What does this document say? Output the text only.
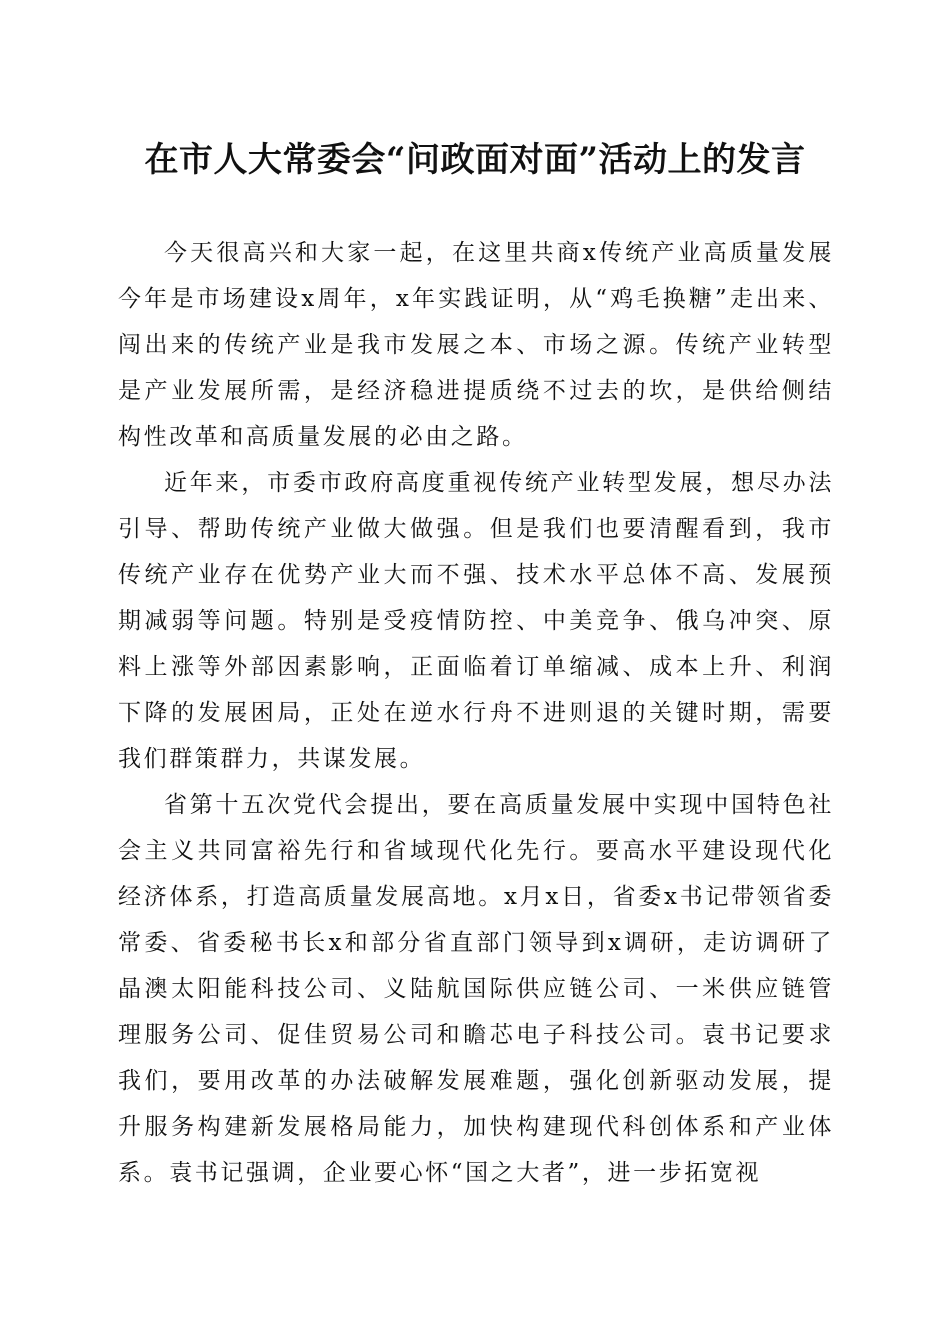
在市人大常委会“问政面对面”活动上的发言

今天很高兴和大家一起，在这里共商x传统产业高质量发展今年是市场建设x周年，x年实践证明，从“鸡毛换糖”走出来、闯出来的传统产业是我市发展之本、市场之源。传统产业转型是产业发展所需，是经济稳进提质绕不过去的坎，是供给侧结构性改革和高质量发展的必由之路。

近年来，市委市政府高度重视传统产业转型发展，想尽办法引导、帮助传统产业做大做强。但是我们也要清醒看到，我市传统产业存在优势产业大而不强、技术水平总体不高、发展预期减弱等问题。特别是受疫情防控、中美竞争、俄乌冲突、原料上涨等外部因素影响，正面临着订单缩减、成本上升、利润下降的发展困局，正处在逆水行舟不进则退的关键时期，需要我们群策群力，共谋发展。

省第十五次党代会提出，要在高质量发展中实现中国特色社会主义共同富裕先行和省域现代化先行。要高水平建设现代化经济体系，打造高质量发展高地。x月x日，省委x书记带领省委常委、省委秘书长x和部分省直部门领导到x调研，走访调研了晶澳太阳能科技公司、义陆航国际供应链公司、一米供应链管理服务公司、促佳贸易公司和瞻芯电子科技公司。袁书记要求我们，要用改革的办法破解发展难题，强化创新驱动发展，提升服务构建新发展格局能力，加快构建现代科创体系和产业体系。袁书记强调，企业要心怀“国之大者”，进一步拓宽视
